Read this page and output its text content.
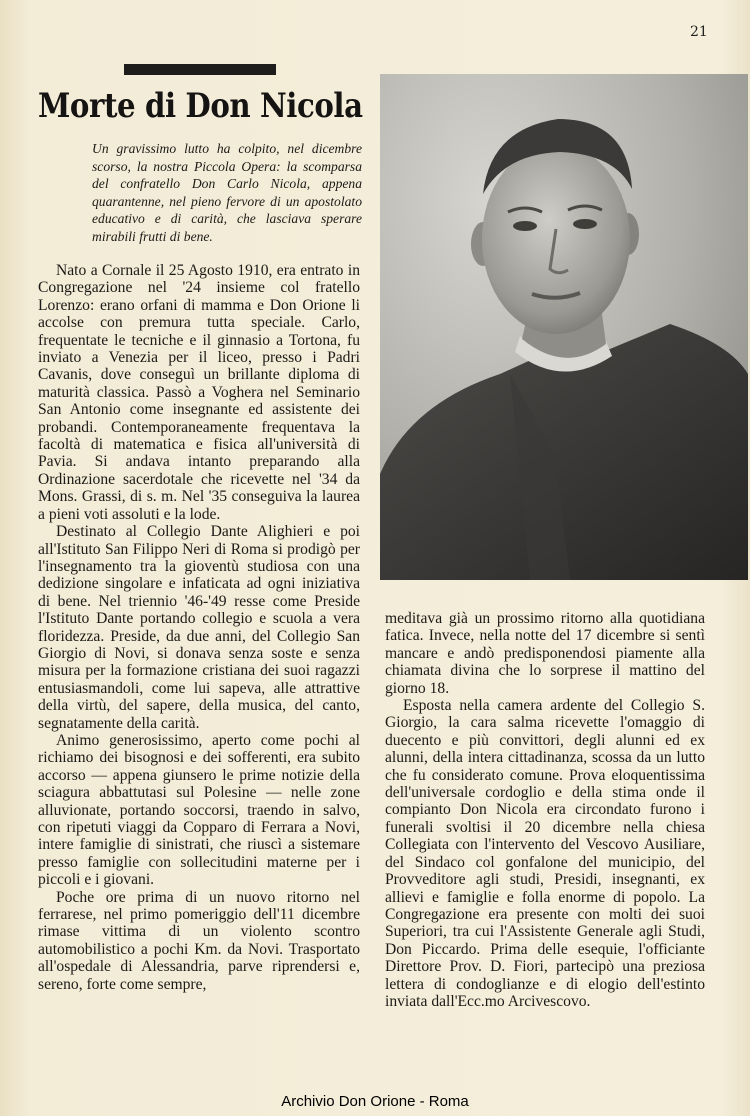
21
Morte di Don Nicola

Un gravissimo lutto ha colpito, nel dicembre scorso, la nostra Piccola Opera: la scomparsa del confratello Don Carlo Nicola, appena quarantenne, nel pieno fervore di un apostolato educativo e di carità, che lasciava sperare mirabili frutti di bene.

Nato a Cornale il 25 Agosto 1910, era entrato in Congregazione nel '24 insieme col fratello Lorenzo: erano orfani di mamma e Don Orione li accolse con premura tutta speciale. Carlo, frequentate le tecniche e il ginnasio a Tortona, fu inviato a Venezia per il liceo, presso i Padri Cavanis, dove conseguì un brillante diploma di maturità classica. Passò a Voghera nel Seminario San Antonio come insegnante ed assistente dei probandi. Contemporaneamente frequentava la facoltà di matematica e fisica all'università di Pavia. Si andava intanto preparando alla Ordinazione sacerdotale che ricevette nel '34 da Mons. Grassi, di s. m. Nel '35 conseguiva la laurea a pieni voti assoluti e la lode.

Destinato al Collegio Dante Alighieri e poi all'Istituto San Filippo Neri di Roma si prodigò per l'insegnamento tra la gioventù studiosa con una dedizione singolare e infaticata ad ogni iniziativa di bene. Nel triennio '46-'49 resse come Preside l'Istituto Dante portando collegio e scuola a vera floridezza. Preside, da due anni, del Collegio San Giorgio di Novi, si donava senza soste e senza misura per la formazione cristiana dei suoi ragazzi entusiasmandoli, come lui sapeva, alle attrattive della virtù, del sapere, della musica, del canto, segnatamente della carità.

Animo generosissimo, aperto come pochi al richiamo dei bisognosi e dei sofferenti, era subito accorso — appena giunsero le prime notizie della sciagura abbattutasi sul Polesine — nelle zone alluvionate, portando soccorsi, traendo in salvo, con ripetuti viaggi da Copparo di Ferrara a Novi, intere famiglie di sinistrati, che riuscì a sistemare presso famiglie con sollecitudini materne per i piccoli e i giovani.

Poche ore prima di un nuovo ritorno nel ferrarese, nel primo pomeriggio dell'11 dicembre rimase vittima di un violento scontro automobilistico a pochi Km. da Novi. Trasportato all'ospedale di Alessandria, parve riprendersi e, sereno, forte come sempre,

meditava già un prossimo ritorno alla quotidiana fatica. Invece, nella notte del 17 dicembre si sentì mancare e andò predisponendosi piamente alla chiamata divina che lo sorprese il mattino del giorno 18.

Esposta nella camera ardente del Collegio S. Giorgio, la cara salma ricevette l'omaggio di duecento e più convittori, degli alunni ed ex alunni, della intera cittadinanza, scossa da un lutto che fu considerato comune. Prova eloquentissima dell'universale cordoglio e della stima onde il compianto Don Nicola era circondato furono i funerali svoltisi il 20 dicembre nella chiesa Collegiata con l'intervento del Vescovo Ausiliare, del Sindaco col gonfalone del municipio, del Provveditore agli studi, Presidi, insegnanti, ex allievi e famiglie e folla enorme di popolo. La Congregazione era presente con molti dei suoi Superiori, tra cui l'Assistente Generale agli Studi, Don Piccardo. Prima delle esequie, l'officiante Direttore Prov. D. Fiori, partecipò una preziosa lettera di condoglianze e di elogio dell'estinto inviata dall'Ecc.mo Arcivescovo.

Archivio Don Orione - Roma
